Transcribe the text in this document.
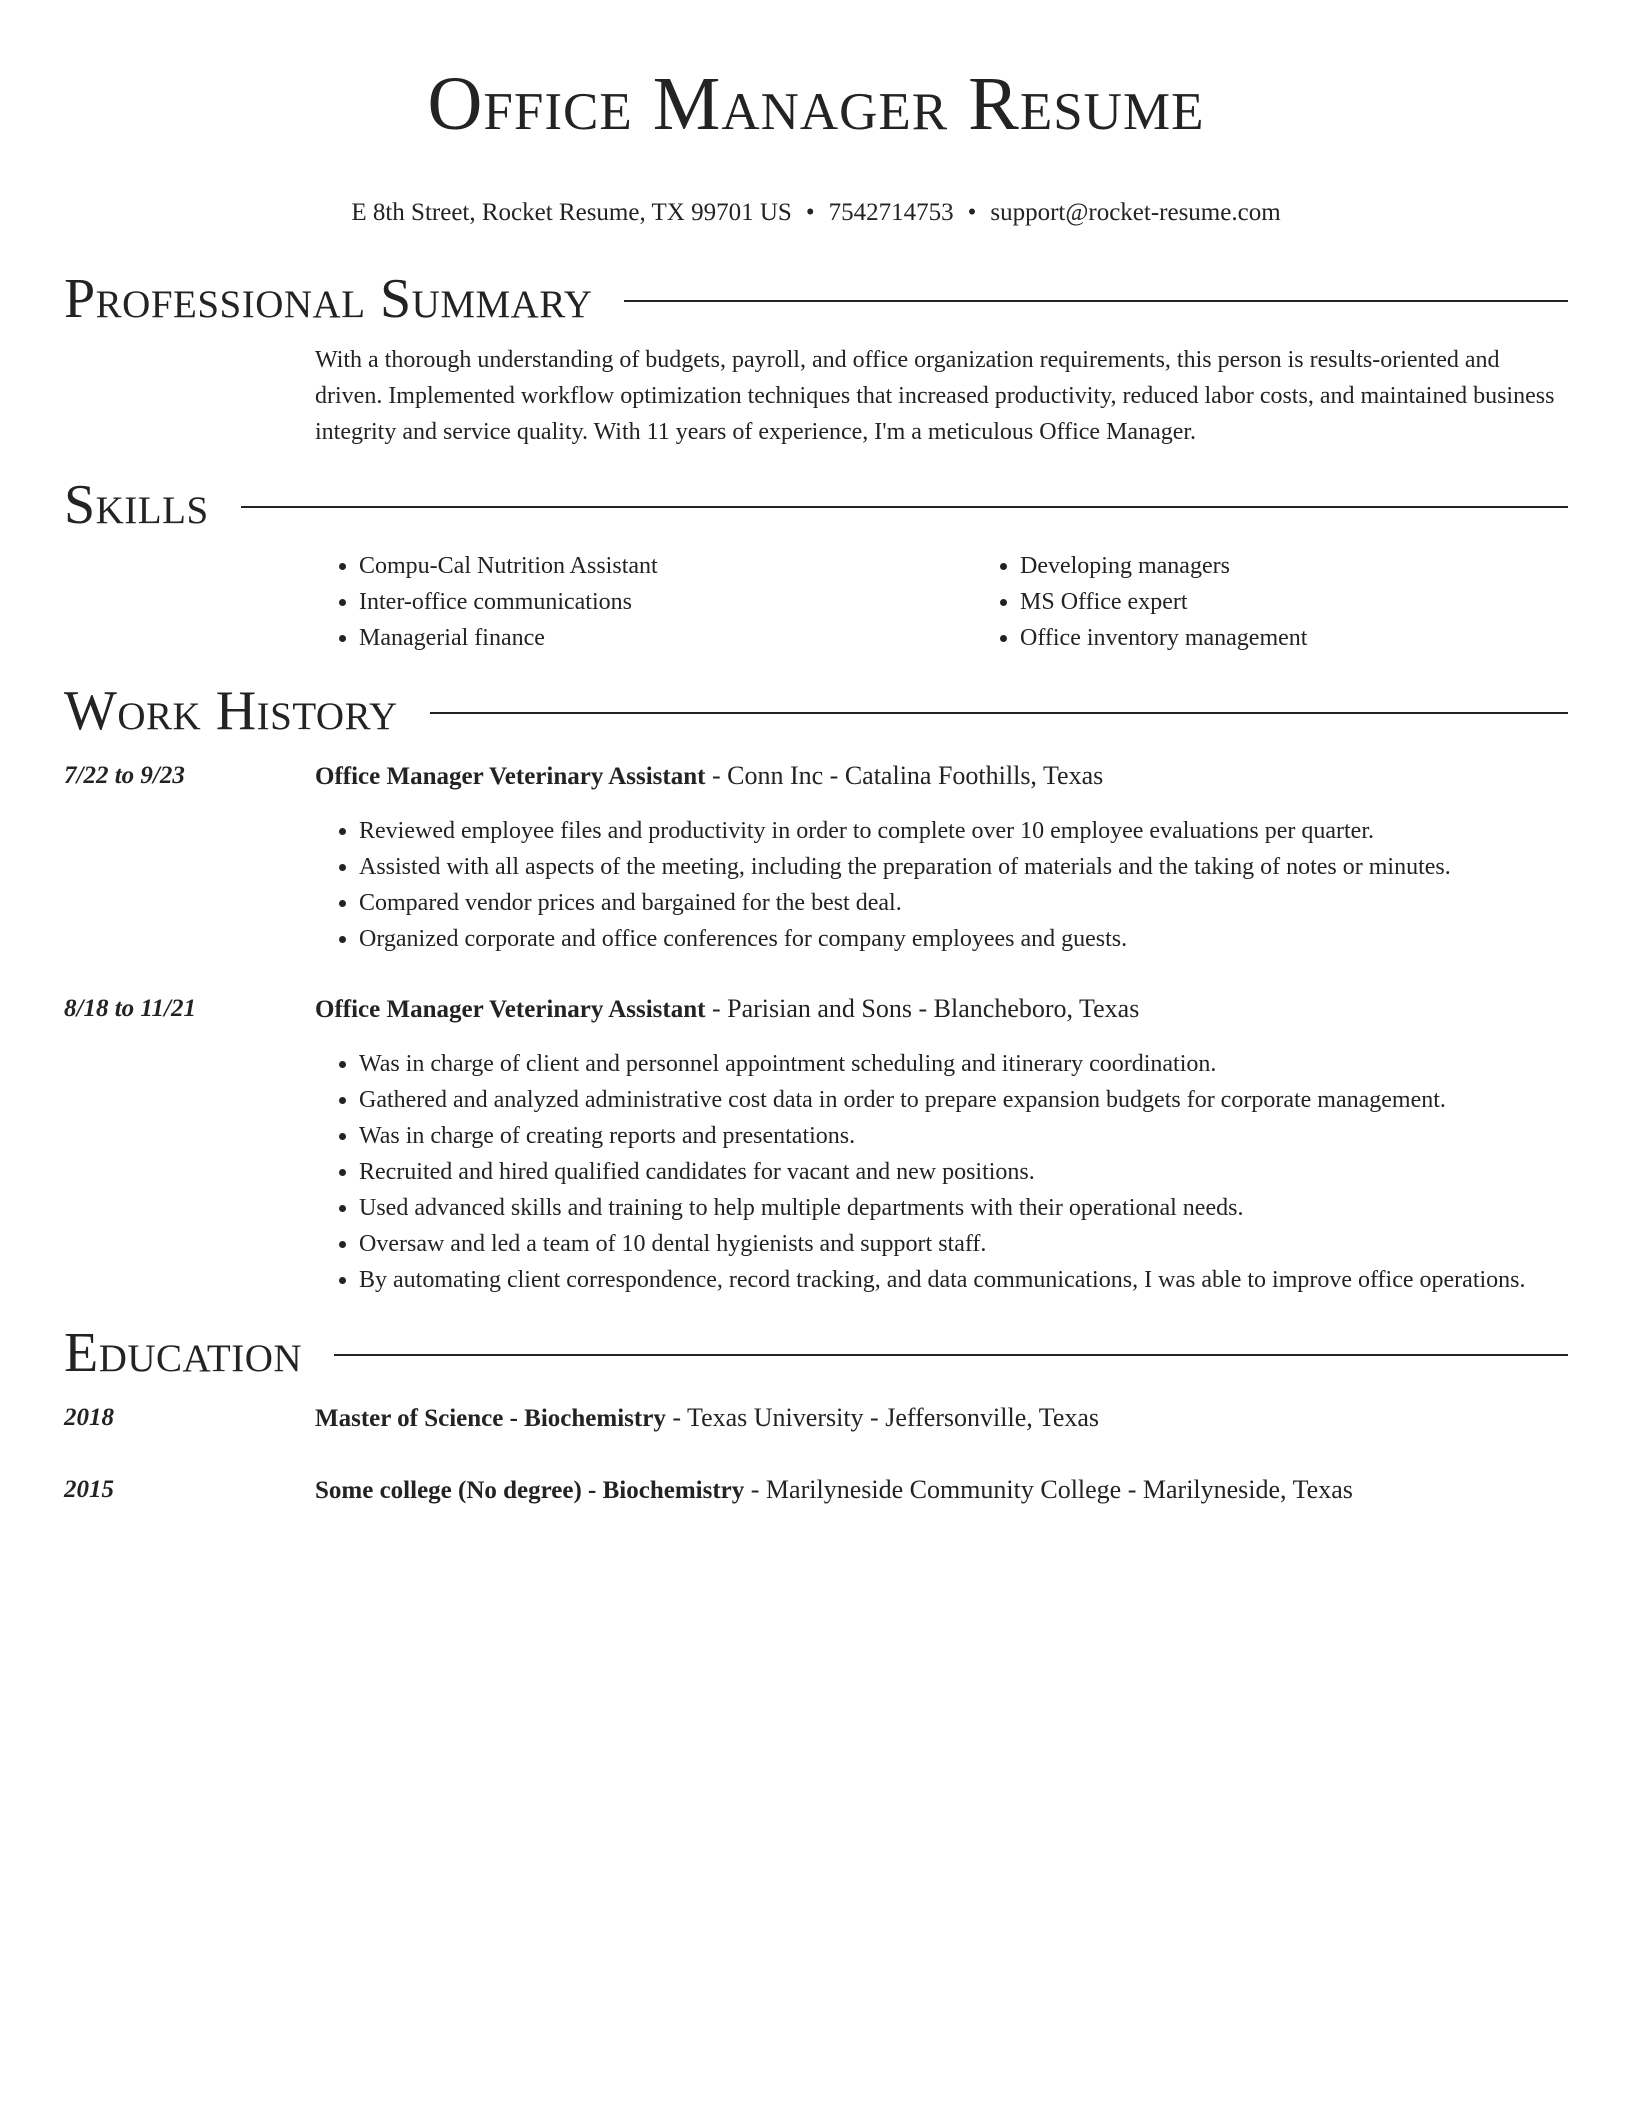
Office Manager Resume
E 8th Street, Rocket Resume, TX 99701 US • 7542714753 • support@rocket-resume.com
Professional Summary

With a thorough understanding of budgets, payroll, and office organization requirements, this person is results-oriented and driven. Implemented workflow optimization techniques that increased productivity, reduced labor costs, and maintained business integrity and service quality. With 11 years of experience, I'm a meticulous Office Manager.

Skills
• Compu-Cal Nutrition Assistant
• Inter-office communications
• Managerial finance
• Developing managers
• MS Office expert
• Office inventory management
Work History
7/22 to 9/23	Office Manager Veterinary Assistant - Conn Inc - Catalina Foothills, Texas
• Reviewed employee files and productivity in order to complete over 10 employee evaluations per quarter.
• Assisted with all aspects of the meeting, including the preparation of materials and the taking of notes or minutes.
• Compared vendor prices and bargained for the best deal.
• Organized corporate and office conferences for company employees and guests.
8/18 to 11/21	Office Manager Veterinary Assistant - Parisian and Sons - Blancheboro, Texas
• Was in charge of client and personnel appointment scheduling and itinerary coordination.
• Gathered and analyzed administrative cost data in order to prepare expansion budgets for corporate management.
• Was in charge of creating reports and presentations.
• Recruited and hired qualified candidates for vacant and new positions.
• Used advanced skills and training to help multiple departments with their operational needs.
• Oversaw and led a team of 10 dental hygienists and support staff.
• By automating client correspondence, record tracking, and data communications, I was able to improve office operations.
Education
2018	Master of Science - Biochemistry - Texas University - Jeffersonville, Texas
2015	Some college (No degree) - Biochemistry - Marilyneside Community College - Marilyneside, Texas
